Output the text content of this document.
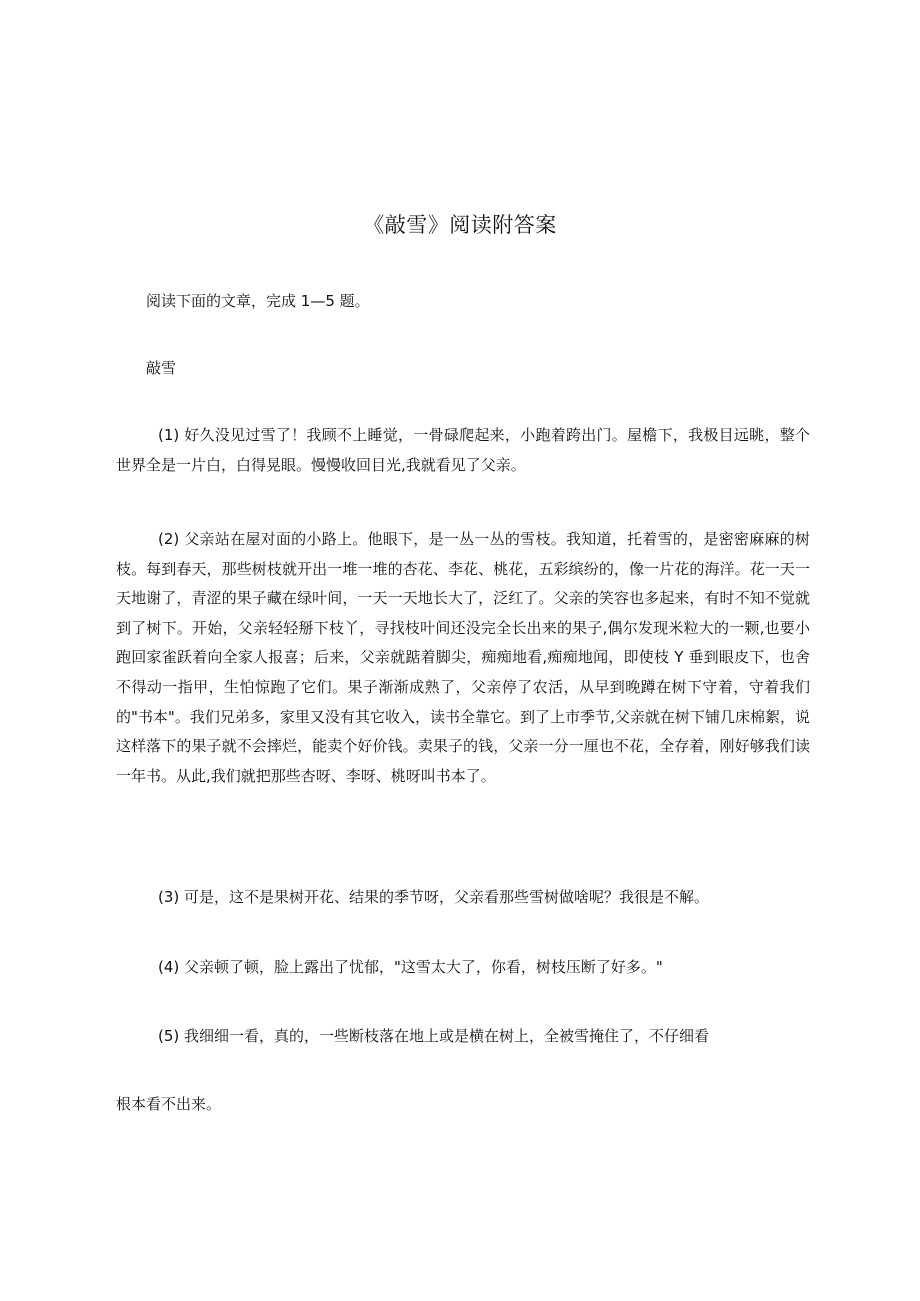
《敲雪》阅读附答案

阅读下面的文章，完成 1—5 题。

敲雪

(1) 好久没见过雪了！我顾不上睡觉，一骨碌爬起来，小跑着跨出门。屋檐下，我极目远眺，整个世界全是一片白，白得晃眼。慢慢收回目光,我就看见了父亲。

(2) 父亲站在屋对面的小路上。他眼下，是一丛一丛的雪枝。我知道，托着雪的，是密密麻麻的树枝。每到春天，那些树枝就开出一堆一堆的杏花、李花、桃花，五彩缤纷的，像一片花的海洋。花一天一天地谢了，青涩的果子藏在绿叶间，一天一天地长大了，泛红了。父亲的笑容也多起来，有时不知不觉就到了树下。开始，父亲轻轻掰下枝丫，寻找枝叶间还没完全长出来的果子,偶尔发现米粒大的一颗,也要小跑回家雀跃着向全家人报喜；后来，父亲就踮着脚尖，痴痴地看,痴痴地闻，即使枝 Y 垂到眼皮下，也舍不得动一指甲，生怕惊跑了它们。果子渐渐成熟了，父亲停了农活，从早到晚蹲在树下守着，守着我们的"书本"。我们兄弟多，家里又没有其它收入，读书全靠它。到了上市季节,父亲就在树下铺几床棉絮，说这样落下的果子就不会摔烂，能卖个好价钱。卖果子的钱，父亲一分一厘也不花，全存着，刚好够我们读一年书。从此,我们就把那些杏呀、李呀、桃呀叫书本了。

(3) 可是，这不是果树开花、结果的季节呀，父亲看那些雪树做啥呢？我很是不解。

(4) 父亲顿了顿，脸上露出了忧郁，"这雪太大了，你看，树枝压断了好多。"

(5) 我细细一看，真的，一些断枝落在地上或是横在树上，全被雪掩住了，不仔细看

根本看不出来。
